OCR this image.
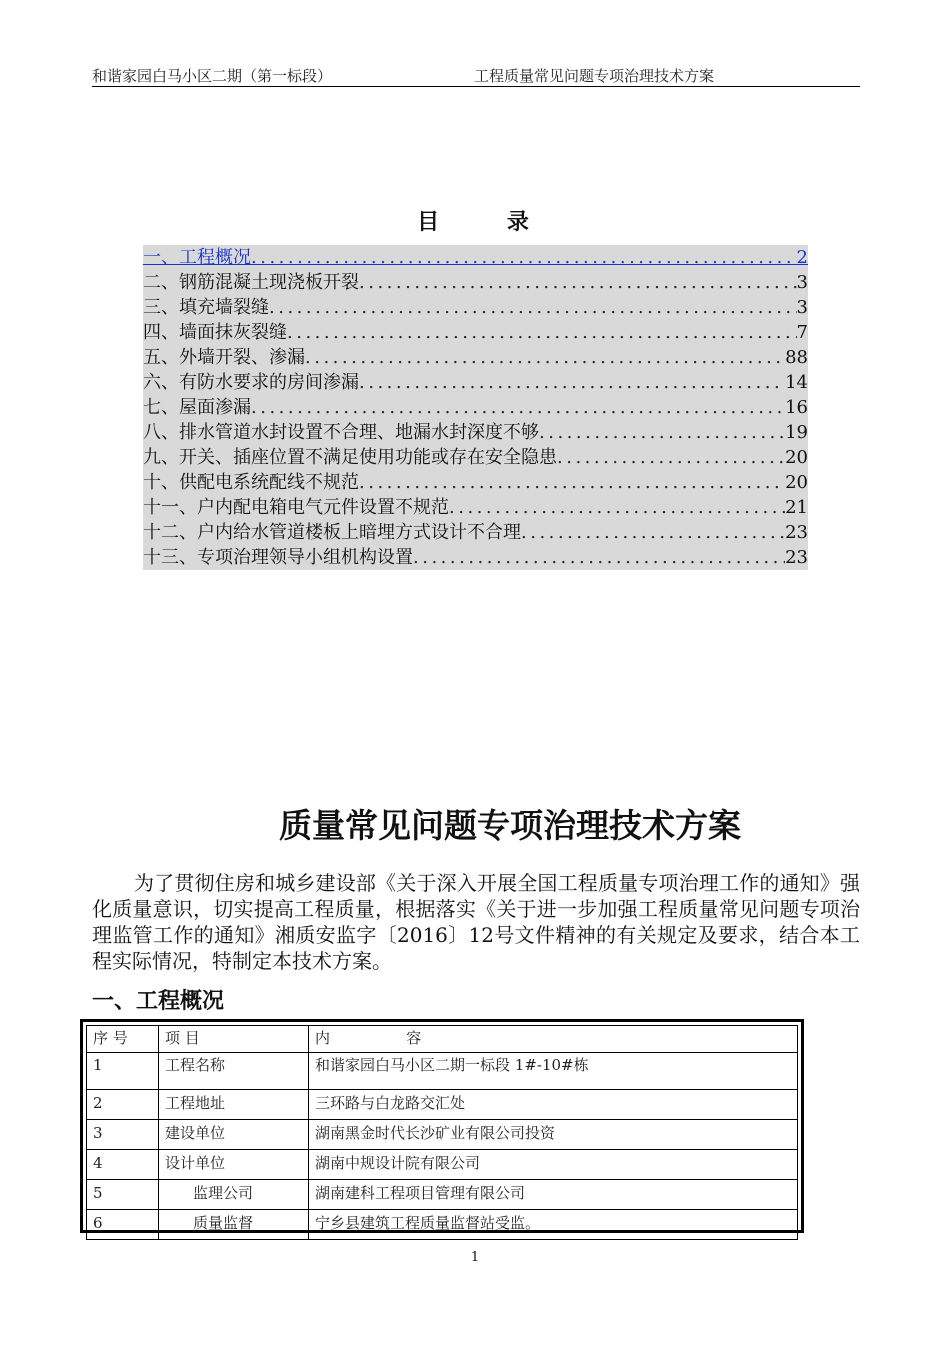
和谐家园白马小区二期（第一标段）	工程质量常见问题专项治理技术方案
目 录
一、工程概况 .....	2
二、钢筋混凝土现浇板开裂 .....	3
三、填充墙裂缝 .....	3
四、墙面抹灰裂缝 .....	7
五、外墙开裂、渗漏 .....	88
六、有防水要求的房间渗漏 .....	14
七、屋面渗漏 .....	16
八、排水管道水封设置不合理、地漏水封深度不够 .....	19
九、开关、插座位置不满足使用功能或存在安全隐患 .....	20
十、供配电系统配线不规范 .....	20
十一、户内配电箱电气元件设置不规范 .....	21
十二、户内给水管道楼板上暗埋方式设计不合理 .....	23
十三、专项治理领导小组机构设置 .....	23
质量常见问题专项治理技术方案
为了贯彻住房和城乡建设部《关于深入开展全国工程质量专项治理工作的通知》强化质量意识，切实提高工程质量，根据落实《关于进一步加强工程质量常见问题专项治理监管工作的通知》湘质安监字〔2016〕12号文件精神的有关规定及要求，结合本工程实际情况，特制定本技术方案。
一、工程概况
序 号	项 目	内                容
1	工程名称	和谐家园白马小区二期一标段 1#-10#栋
2	工程地址	三环路与白龙路交汇处
3	建设单位	湖南黑金时代长沙矿业有限公司投资
4	设计单位	湖南中规设计院有限公司
5	监理公司	湖南建科工程项目管理有限公司
6	质量监督	宁乡县建筑工程质量监督站受监。
1
